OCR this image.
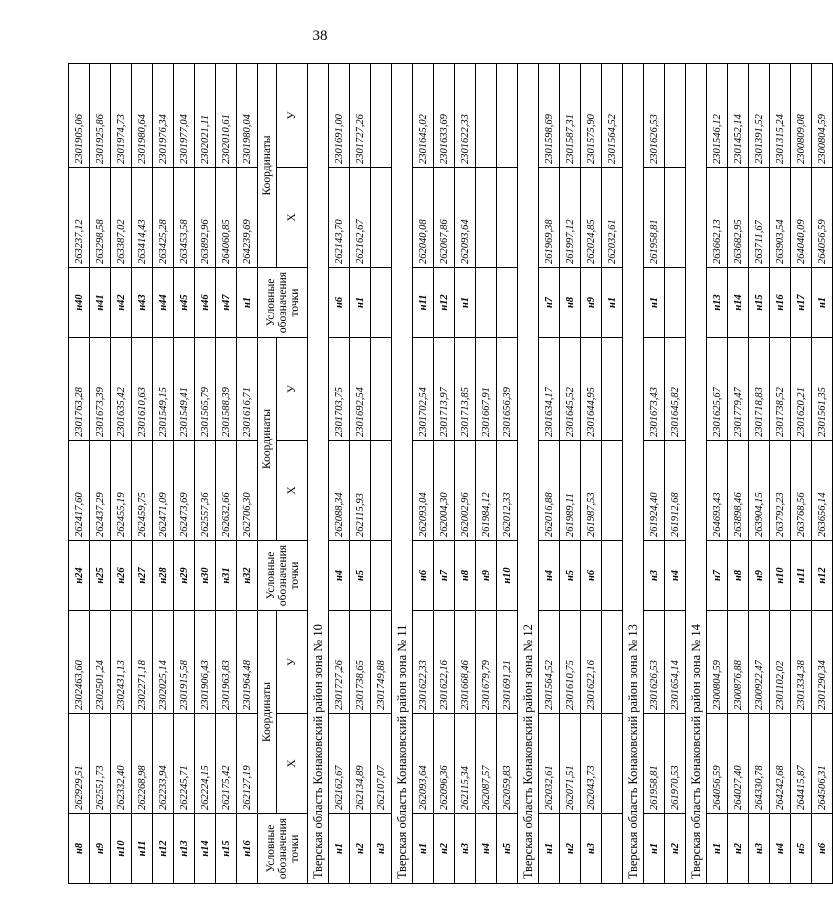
38
н8	262929,51	2302463,60	н24	262417,60	2301763,28	н40	263237,12	2301905,06
н9	262551,73	2302501,24	н25	262437,29	2301673,39	н41	263298,58	2301925,86
н10	262332,40	2302431,13	н26	262455,19	2301635,42	н42	263387,02	2301974,73
н11	262268,98	2302271,18	н27	262459,75	2301610,63	н43	263414,43	2301980,64
н12	262233,94	2302025,14	н28	262471,09	2301549,15	н44	263425,28	2301976,34
н13	262245,71	2301915,58	н29	262473,69	2301549,41	н45	263453,58	2301977,04
н14	262224,15	2301906,43	н30	262557,36	2301565,79	н46	263892,96	2302021,11
н15	262175,42	2301963,83	н31	262632,66	2301588,39	н47	264060,85	2302010,61
н16	262127,19	2301964,48	н32	262706,30	2301616,71	н1	264239,69	2301980,04
Условные обозначения точки	Координаты		Условные обозначения точки	Координаты		Условные обозначения точки	Координаты	
	X	У		X	У		X	У
Тверская область Конаковский район зона № 10								
н1	262162,67	2301727,26	н4	262088,34	2301703,75	н6	262143,70	2301691,00
н2	262134,89	2301738,65	н5	262115,93	2301692,54	н1	262162,67	2301727,26
н3	262107,07	2301749,88						
Тверская область Конаковский район зона № 11								
н1	262093,64	2301622,33	н6	262093,04	2301702,54	н11	262040,08	2301645,02
н2	262096,36	2301622,16	н7	262004,30	2301713,97	н12	262067,86	2301633,69
н3	262115,34	2301668,46	н8	262002,96	2301713,85	н1	262093,64	2301622,33
н4	262087,57	2301679,79	н9	261984,12	2301667,91			
н5	262059,83	2301691,21	н10	262012,33	2301656,39			
Тверская область Конаковский район зона № 12								
н1	262032,61	2301564,52	н4	262016,88	2301634,17	н7	261969,38	2301598,69
н2	262071,51	2301610,75	н5	261989,11	2301645,52	н8	261997,12	2301587,31
н3	262043,73	2301622,16	н6	261987,53	2301644,95	н9	262024,85	2301575,90
						н1	262032,61	2301564,52
Тверская область Конаковский район зона № 13								
н1	261958,81	2301626,53	н3	261924,40	2301673,43	н1	261958,81	2301626,53
н2	261970,53	2301654,14	н4	261912,68	2301645,82			
Тверская область Конаковский район зона № 14								
н1	264056,59	2300804,59	н7	264693,43	2301625,67	н13	263662,13	2301546,12
н2	264027,40	2300876,88	н8	263898,46	2301779,47	н14	263682,95	2301452,14
н3	264330,78	2300922,47	н9	263904,15	2301718,83	н15	263711,67	2301391,52
н4	264242,68	2301102,02	н10	263792,23	2301738,52	н16	263903,54	2301315,24
н5	264415,87	2301334,38	н11	263768,56	2301620,21	н17	264040,09	2300809,08
н6	264506,31	2301290,34	н12	263656,14	2301561,35	н1	264056,59	2300804,59
